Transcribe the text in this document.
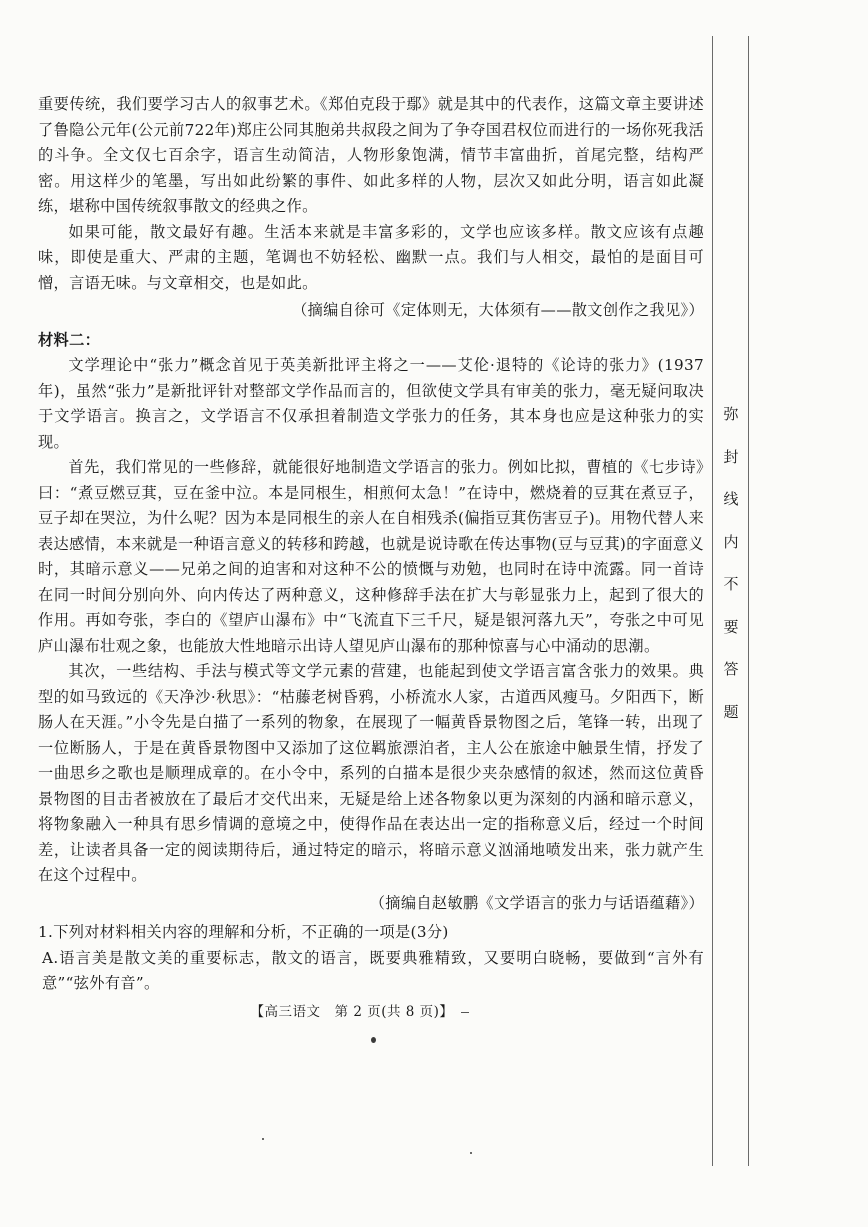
重要传统，我们要学习古人的叙事艺术。《郑伯克段于鄢》就是其中的代表作，这篇文章主要讲述了鲁隐公元年(公元前722年)郑庄公同其胞弟共叔段之间为了争夺国君权位而进行的一场你死我活的斗争。全文仅七百余字，语言生动简洁，人物形象饱满，情节丰富曲折，首尾完整，结构严密。用这样少的笔墨，写出如此纷繁的事件、如此多样的人物，层次又如此分明，语言如此凝练，堪称中国传统叙事散文的经典之作。

如果可能，散文最好有趣。生活本来就是丰富多彩的，文学也应该多样。散文应该有点趣味，即使是重大、严肃的主题，笔调也不妨轻松、幽默一点。我们与人相交，最怕的是面目可憎，言语无味。与文章相交，也是如此。

（摘编自徐可《定体则无，大体须有——散文创作之我见》）

材料二：

文学理论中“张力”概念首见于英美新批评主将之一——艾伦·退特的《论诗的张力》(1937年)，虽然“张力”是新批评针对整部文学作品而言的，但欲使文学具有审美的张力，毫无疑问取决于文学语言。换言之，文学语言不仅承担着制造文学张力的任务，其本身也应是这种张力的实现。

首先，我们常见的一些修辞，就能很好地制造文学语言的张力。例如比拟，曹植的《七步诗》曰：“煮豆燃豆萁，豆在釜中泣。本是同根生，相煎何太急！”在诗中，燃烧着的豆萁在煮豆子，豆子却在哭泣，为什么呢？因为本是同根生的亲人在自相残杀(偏指豆萁伤害豆子)。用物代替人来表达感情，本来就是一种语言意义的转移和跨越，也就是说诗歌在传达事物(豆与豆萁)的字面意义时，其暗示意义——兄弟之间的迫害和对这种不公的愤慨与劝勉，也同时在诗中流露。同一首诗在同一时间分别向外、向内传达了两种意义，这种修辞手法在扩大与彰显张力上，起到了很大的作用。再如夸张，李白的《望庐山瀑布》中“飞流直下三千尺，疑是银河落九天”，夸张之中可见庐山瀑布壮观之象，也能放大性地暗示出诗人望见庐山瀑布的那种惊喜与心中涌动的思潮。

其次，一些结构、手法与模式等文学元素的营建，也能起到使文学语言富含张力的效果。典型的如马致远的《天净沙·秋思》：“枯藤老树昏鸦，小桥流水人家，古道西风瘦马。夕阳西下，断肠人在天涯。”小令先是白描了一系列的物象，在展现了一幅黄昏景物图之后，笔锋一转，出现了一位断肠人，于是在黄昏景物图中又添加了这位羁旅漂泊者，主人公在旅途中触景生情，抒发了一曲思乡之歌也是顺理成章的。在小令中，系列的白描本是很少夹杂感情的叙述，然而这位黄昏景物图的目击者被放在了最后才交代出来，无疑是给上述各物象以更为深刻的内涵和暗示意义，将物象融入一种具有思乡情调的意境之中，使得作品在表达出一定的指称意义后，经过一个时间差，让读者具备一定的阅读期待后，通过特定的暗示，将暗示意义汹涌地喷发出来，张力就产生在这个过程中。

（摘编自赵敏鹏《文学语言的张力与话语蕴藉》）

1.下列对材料相关内容的理解和分析，不正确的一项是(3分)

A.语言美是散文美的重要标志，散文的语言，既要典雅精致，又要明白晓畅，要做到“言外有意”“弦外有音”。

【高三语文　第 2 页(共 8 页)】
弥
封
线
内
不
要
答
题
